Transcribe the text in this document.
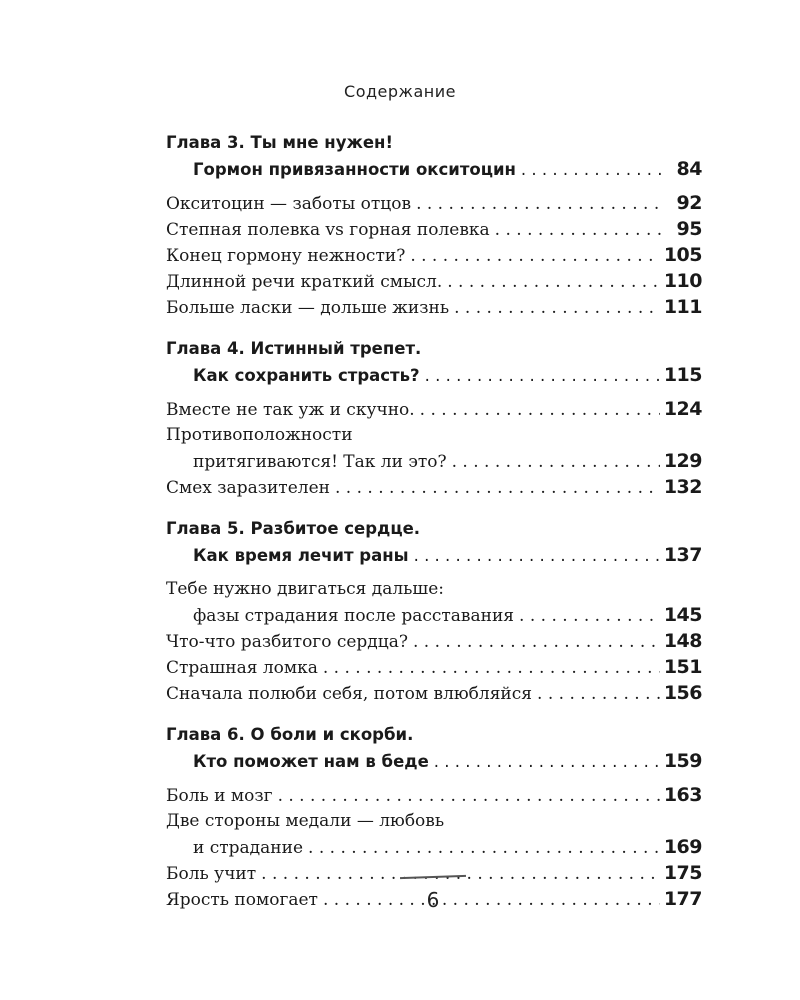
Содержание
Глава 3. Ты мне нужен!
Гормон привязанности окситоцин . . .	84
Окситоцин — заботы отцов . . .	92
Степная полевка vs горная полевка . . .	95
Конец гормону нежности? . . .	105
Длинной речи краткий смысл. . . .	110
Больше ласки — дольше жизнь . . .	111
Глава 4. Истинный трепет.
Как сохранить страсть? . . .	115
Вместе не так уж и скучно. . . .	124
Противоположности
притягиваются! Так ли это? . . .	129
Смех заразителен . . .	132
Глава 5. Разбитое сердце.
Как время лечит раны . . .	137
Тебе нужно двигаться дальше:
фазы страдания после расставания . . .	145
Что-что разбитого сердца? . . .	148
Страшная ломка . . .	151
Сначала полюби себя, потом влюбляйся . . .	156
Глава 6. О боли и скорби.
Кто поможет нам в беде . . .	159
Боль и мозг . . .	163
Две стороны медали — любовь
и страдание . . .	169
Боль учит . . .	175
Ярость помогает . . .	177
6
